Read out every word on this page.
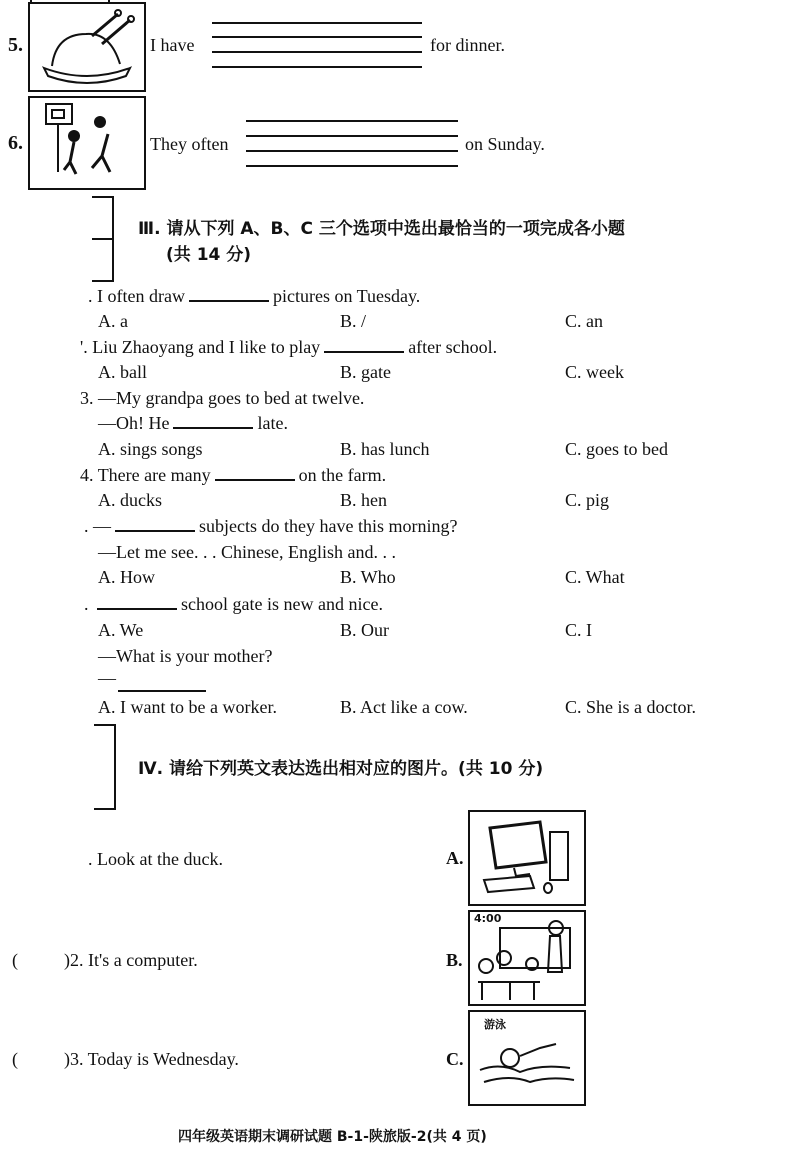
5.	I have	for dinner.
6.	They often	on Sunday.
Ⅲ. 请从下列 A、B、C 三个选项中选出最恰当的一项完成各小题
(共 14 分)
. I often draw	pictures on Tuesday.
A. a	B. /	C. an
'. Liu Zhaoyang and I like to play	after school.
A. ball	B. gate	C. week
3. —My grandpa goes to bed at twelve.
—Oh! He	late.
A. sings songs	B. has lunch	C. goes to bed
4. There are many	on the farm.
A. ducks	B. hen	C. pig
. —	subjects do they have this morning?
—Let me see. . . Chinese, English and. . .
A. How	B. Who	C. What
.	school gate is new and nice.
A. We	B. Our	C. I
—What is your mother?
—
A. I want to be a worker.	B. Act like a cow.	C. She is a doctor.
Ⅳ. 请给下列英文表达选出相对应的图片。(共 10 分)
. Look at the duck.
(	)2. It's a computer.
(	)3. Today is Wednesday.
A.
B.
4:00
C.
游泳
四年级英语期末调研试题 B-1-陕旅版-2(共 4 页)
